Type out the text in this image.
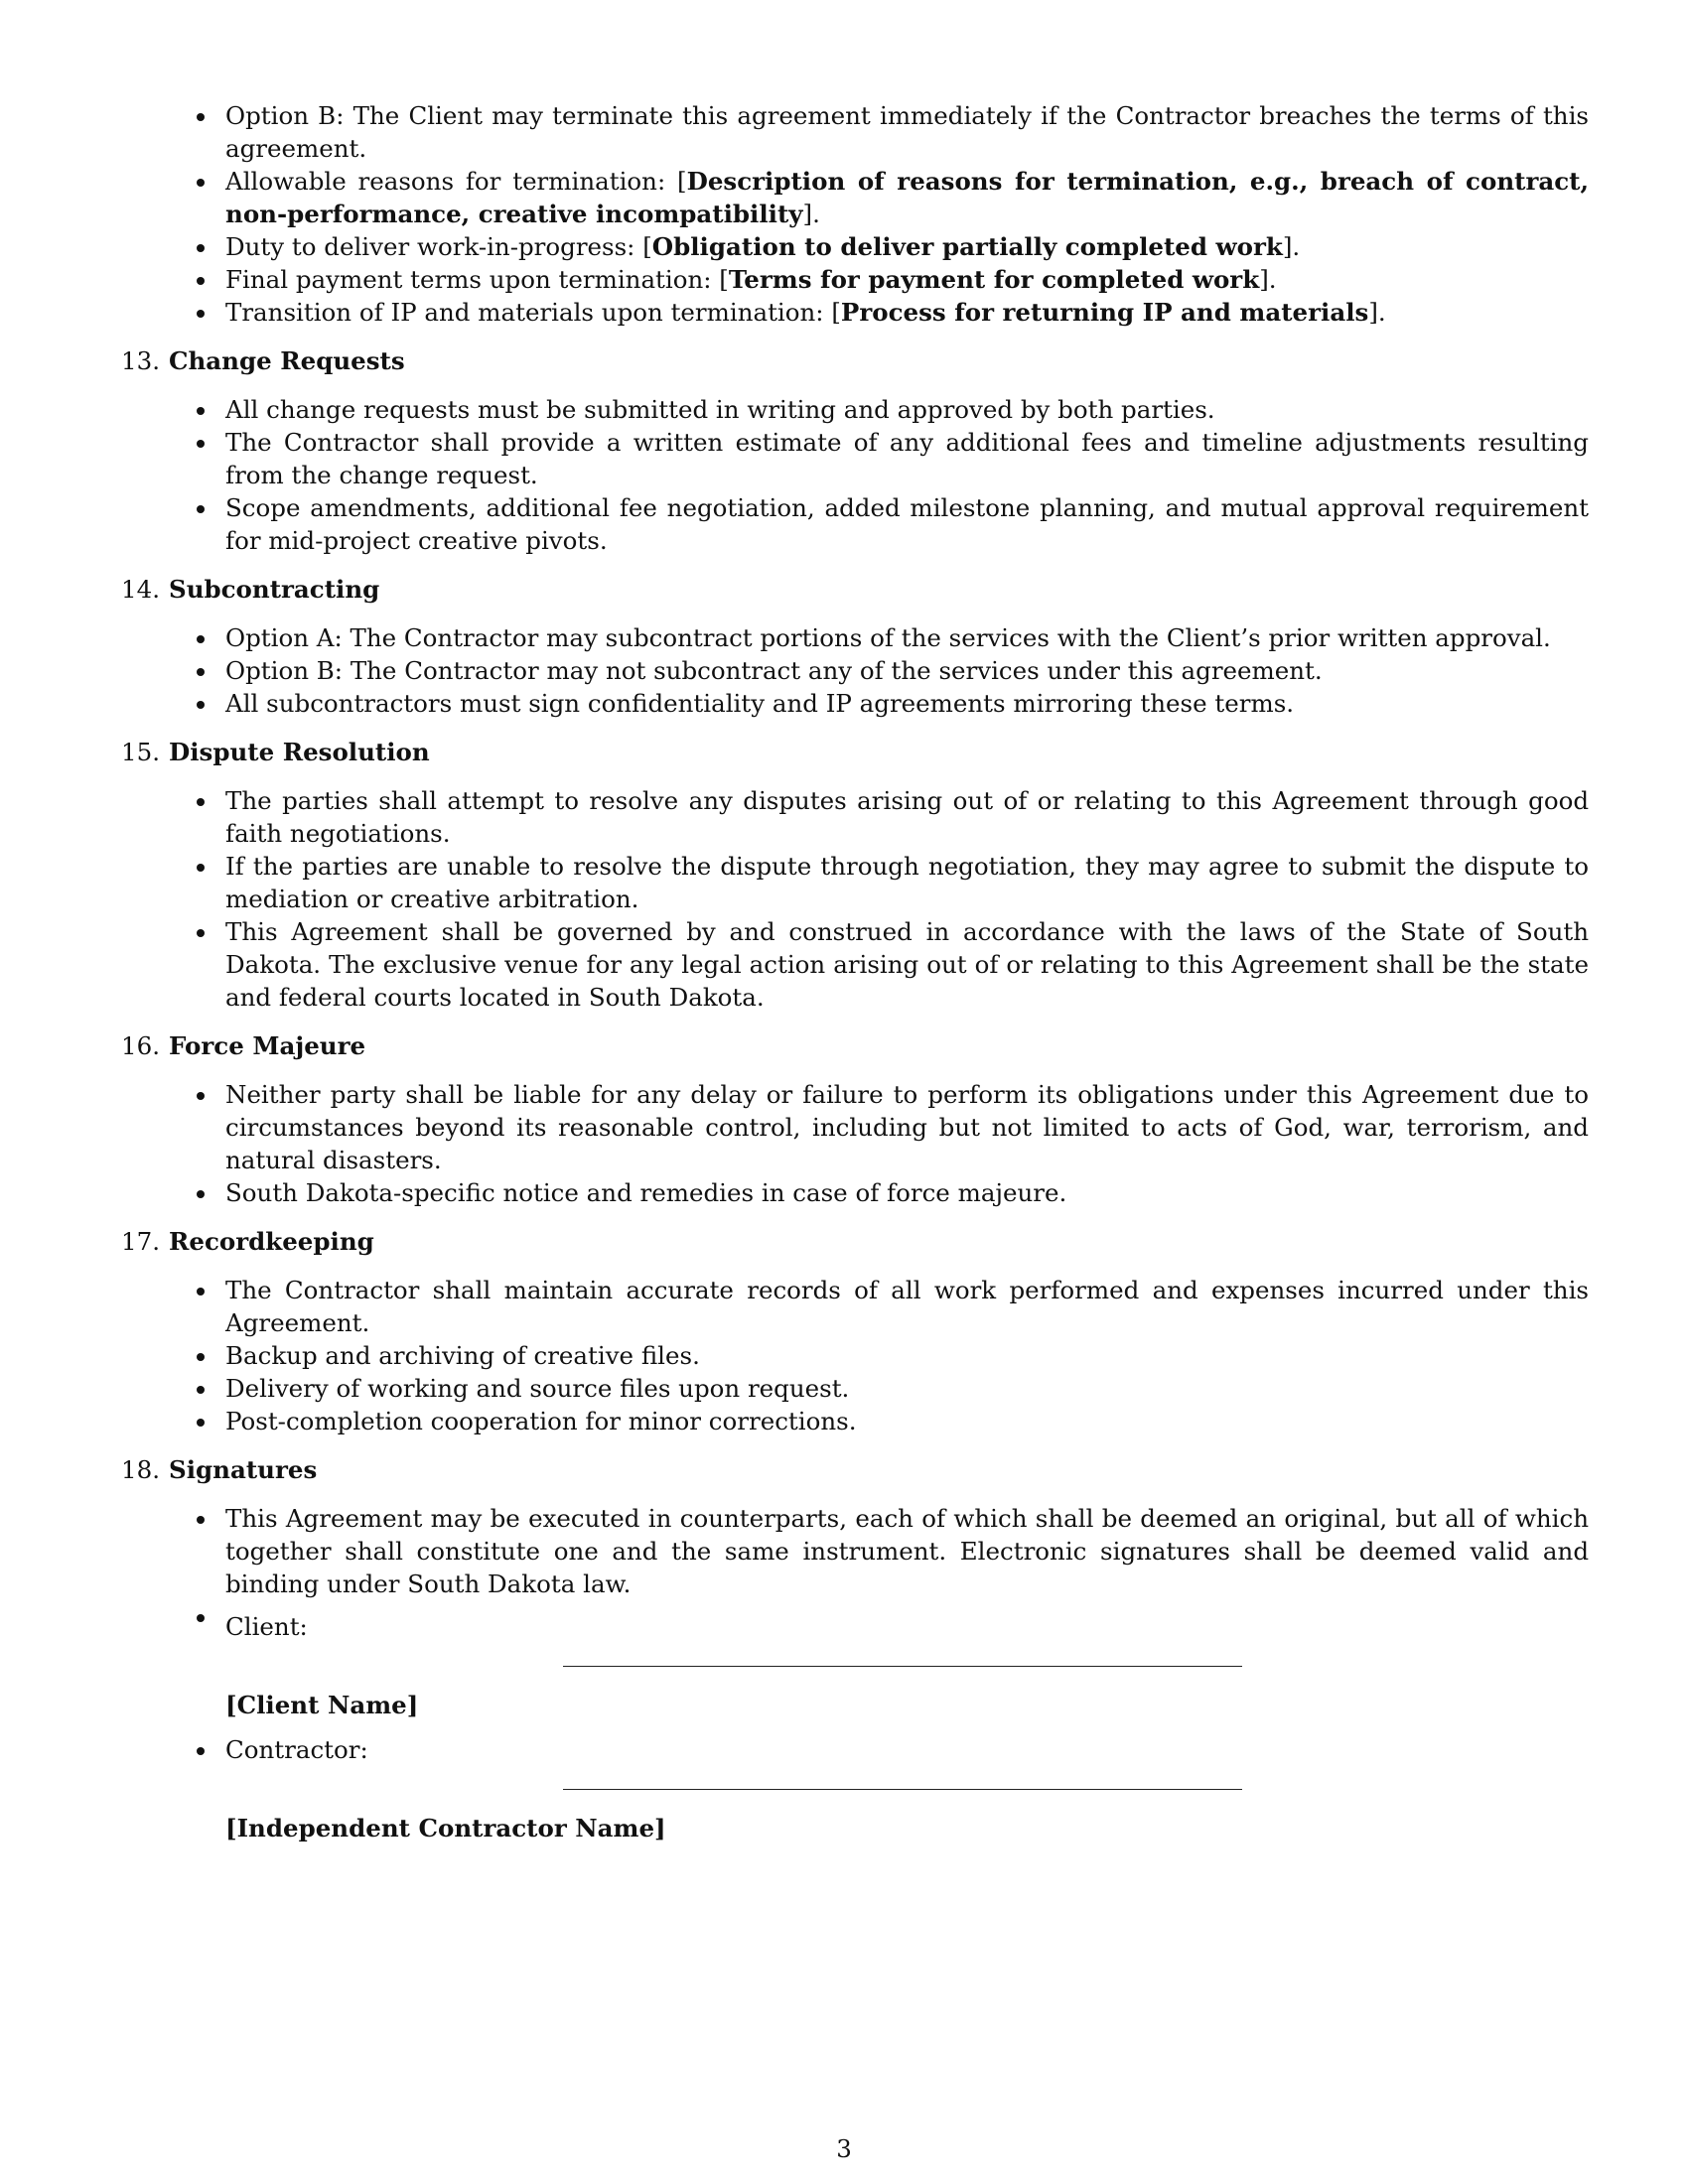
Option B: The Client may terminate this agreement immediately if the Contractor breaches the terms of this agreement.
Allowable reasons for termination: [Description of reasons for termination, e.g., breach of contract, non-performance, creative incompatibility].
Duty to deliver work-in-progress: [Obligation to deliver partially completed work].
Final payment terms upon termination: [Terms for payment for completed work].
Transition of IP and materials upon termination: [Process for returning IP and materials].
13. Change Requests
All change requests must be submitted in writing and approved by both parties.
The Contractor shall provide a written estimate of any additional fees and timeline adjustments resulting from the change request.
Scope amendments, additional fee negotiation, added milestone planning, and mutual approval requirement for mid-project creative pivots.
14. Subcontracting
Option A: The Contractor may subcontract portions of the services with the Client’s prior written approval.
Option B: The Contractor may not subcontract any of the services under this agreement.
All subcontractors must sign confidentiality and IP agreements mirroring these terms.
15. Dispute Resolution
The parties shall attempt to resolve any disputes arising out of or relating to this Agreement through good faith negotiations.
If the parties are unable to resolve the dispute through negotiation, they may agree to submit the dispute to mediation or creative arbitration.
This Agreement shall be governed by and construed in accordance with the laws of the State of South Dakota. The exclusive venue for any legal action arising out of or relating to this Agreement shall be the state and federal courts located in South Dakota.
16. Force Majeure
Neither party shall be liable for any delay or failure to perform its obligations under this Agreement due to circumstances beyond its reasonable control, including but not limited to acts of God, war, terrorism, and natural disasters.
South Dakota-specific notice and remedies in case of force majeure.
17. Recordkeeping
The Contractor shall maintain accurate records of all work performed and expenses incurred under this Agreement.
Backup and archiving of creative files.
Delivery of working and source files upon request.
Post-completion cooperation for minor corrections.
18. Signatures
This Agreement may be executed in counterparts, each of which shall be deemed an original, but all of which together shall constitute one and the same instrument. Electronic signatures shall be deemed valid and binding under South Dakota law.
Client:
[Client Name]
Contractor:
[Independent Contractor Name]
3
